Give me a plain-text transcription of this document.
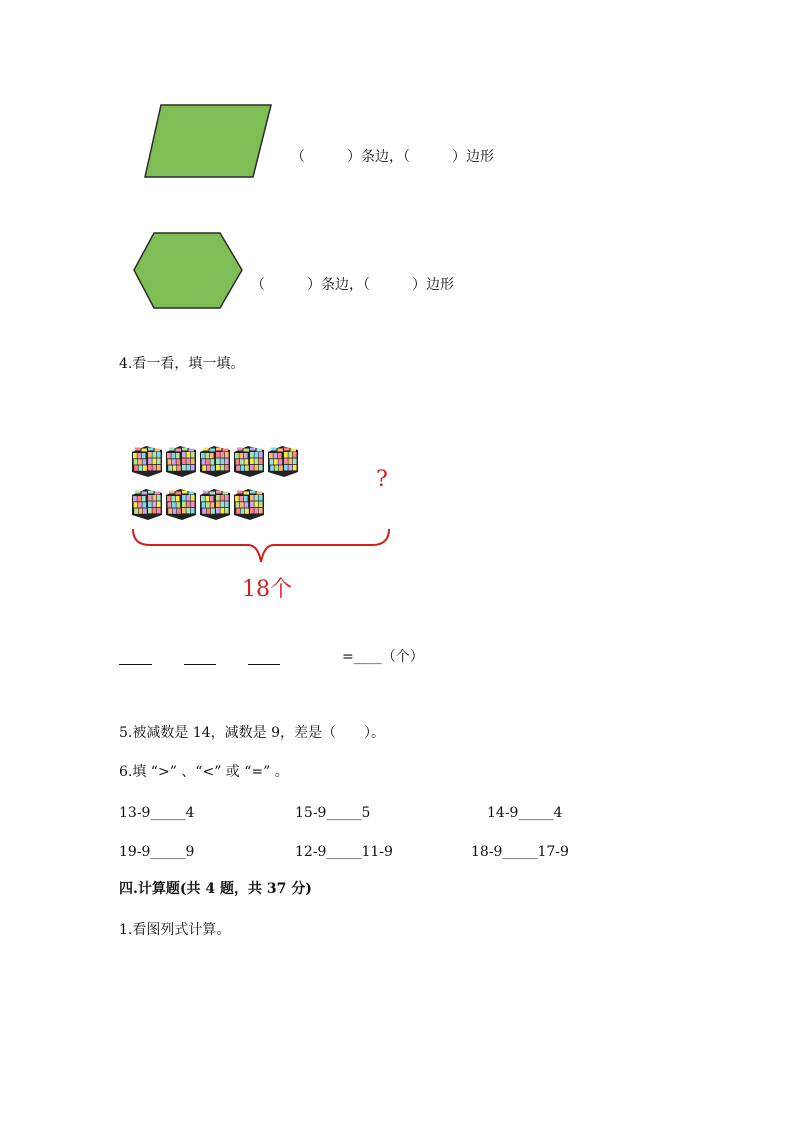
（　　　）条边，（　　　）边形
（　　　）条边，（　　　）边形
4.看一看，填一填。
?
18个
=____（个）
5.被减数是 14，减数是 9，差是（　　）。
6.填 “>” 、“<” 或 “=” 。
13-9_____4	15-9_____5	14-9_____4
19-9_____9	12-9_____11-9	18-9_____17-9
四.计算题(共 4 题，共 37 分)
1.看图列式计算。
